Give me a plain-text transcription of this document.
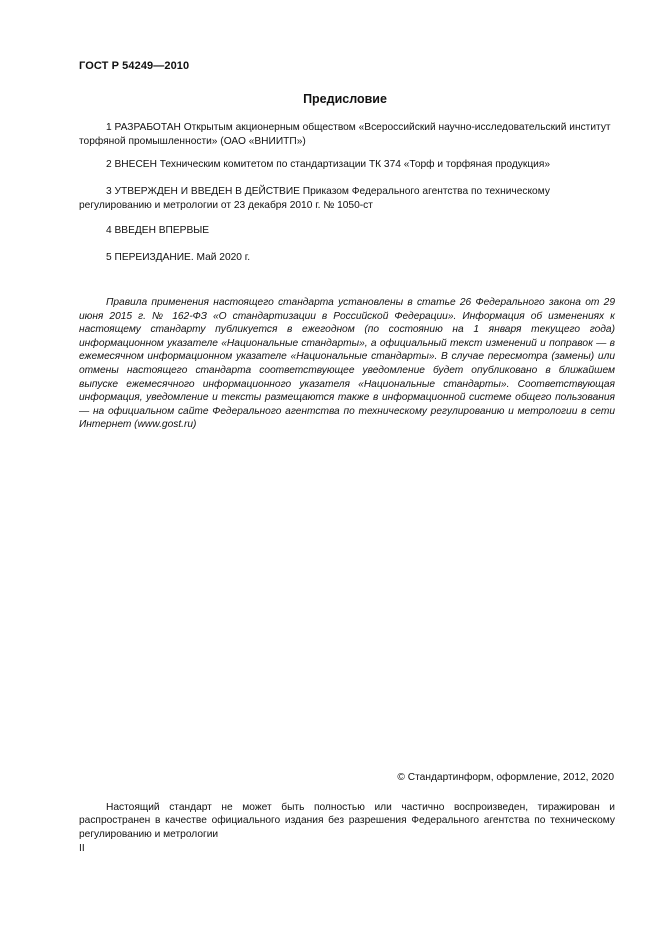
ГОСТ Р 54249—2010
Предисловие
1 РАЗРАБОТАН Открытым акционерным обществом «Всероссийский научно-исследовательский институт торфяной промышленности» (ОАО «ВНИИТП»)
2 ВНЕСЕН Техническим комитетом по стандартизации ТК 374 «Торф и торфяная продукция»
3 УТВЕРЖДЕН И ВВЕДЕН В ДЕЙСТВИЕ Приказом Федерального агентства по техническому регулированию и метрологии от 23 декабря 2010 г. № 1050-ст
4 ВВЕДЕН ВПЕРВЫЕ
5 ПЕРЕИЗДАНИЕ. Май 2020 г.
Правила применения настоящего стандарта установлены в статье 26 Федерального закона от 29 июня 2015 г. № 162-ФЗ «О стандартизации в Российской Федерации». Информация об изменениях к настоящему стандарту публикуется в ежегодном (по состоянию на 1 января текущего года) информационном указателе «Национальные стандарты», а официальный текст изменений и поправок — в ежемесячном информационном указателе «Национальные стандарты». В случае пересмотра (замены) или отмены настоящего стандарта соответствующее уведомление будет опубликовано в ближайшем выпуске ежемесячного информационного указателя «Национальные стандарты». Соответствующая информация, уведомление и тексты размещаются также в информационной системе общего пользования — на официальном сайте Федерального агентства по техническому регулированию и метрологии в сети Интернет (www.gost.ru)
© Стандартинформ, оформление, 2012, 2020
Настоящий стандарт не может быть полностью или частично воспроизведен, тиражирован и распространен в качестве официального издания без разрешения Федерального агентства по техническому регулированию и метрологии
II
